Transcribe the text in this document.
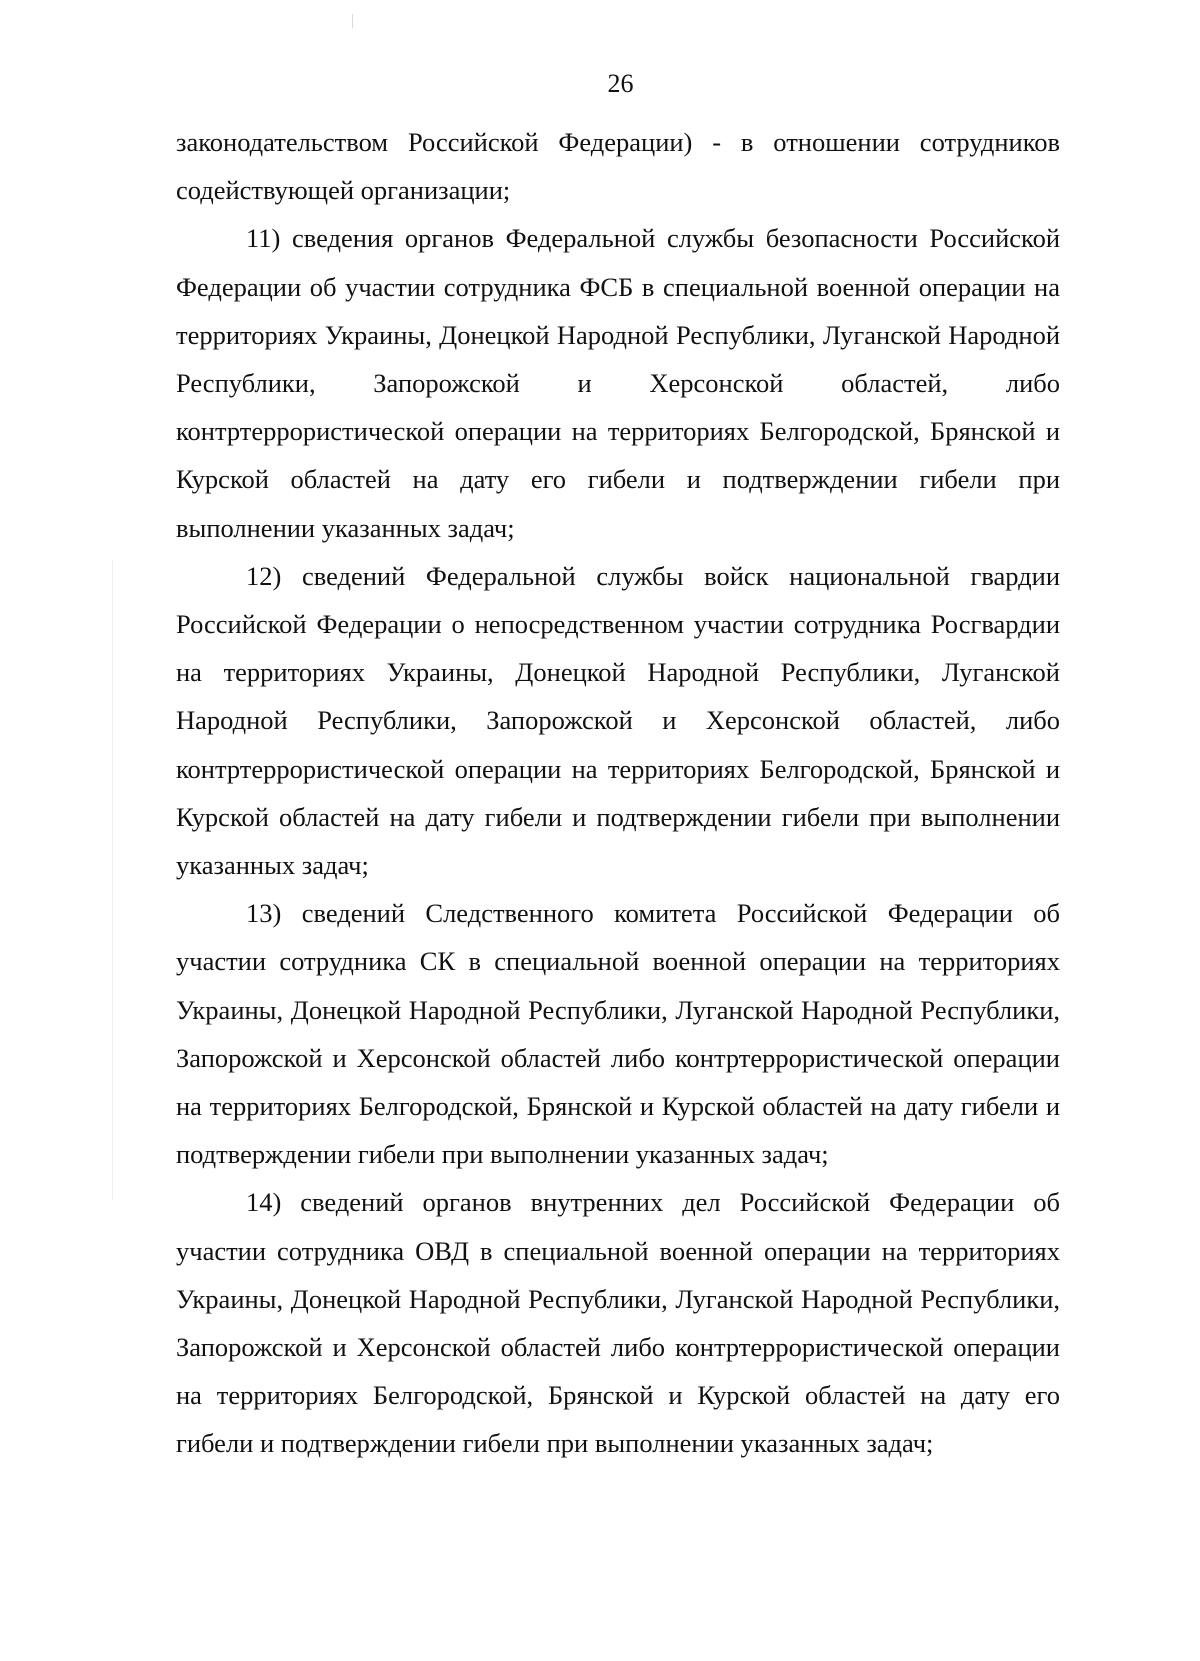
26

законодательством Российской Федерации) - в отношении сотрудников содействующей организации;

11) сведения органов Федеральной службы безопасности Российской Федерации об участии сотрудника ФСБ в специальной военной операции на территориях Украины, Донецкой Народной Республики, Луганской Народной Республики, Запорожской и Херсонской областей, либо контртеррористической операции на территориях Белгородской, Брянской и Курской областей на дату его гибели и подтверждении гибели при выполнении указанных задач;

12) сведений Федеральной службы войск национальной гвардии Российской Федерации о непосредственном участии сотрудника Росгвардии на территориях Украины, Донецкой Народной Республики, Луганской Народной Республики, Запорожской и Херсонской областей, либо контртеррористической операции на территориях Белгородской, Брянской и Курской областей на дату гибели и подтверждении гибели при выполнении указанных задач;

13) сведений Следственного комитета Российской Федерации об участии сотрудника СК в специальной военной операции на территориях Украины, Донецкой Народной Республики, Луганской Народной Республики, Запорожской и Херсонской областей либо контртеррористической операции на территориях Белгородской, Брянской и Курской областей на дату гибели и подтверждении гибели при выполнении указанных задач;

14) сведений органов внутренних дел Российской Федерации об участии сотрудника ОВД в специальной военной операции на территориях Украины, Донецкой Народной Республики, Луганской Народной Республики, Запорожской и Херсонской областей либо контртеррористической операции на территориях Белгородской, Брянской и Курской областей на дату его гибели и подтверждении гибели при выполнении указанных задач;
